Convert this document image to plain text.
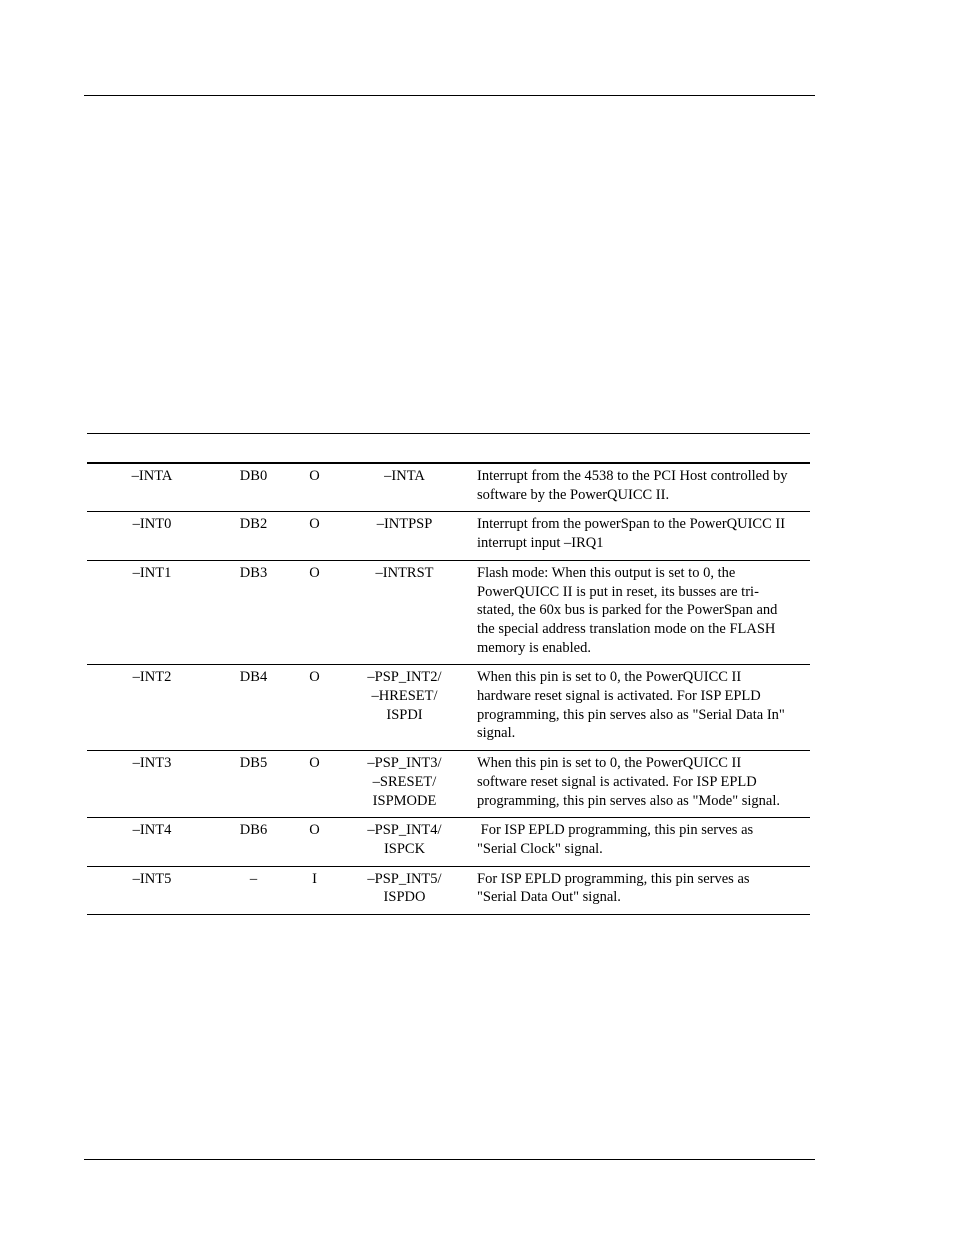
–INTA	DB0	O	–INTA	Interrupt from the 4538 to the PCI Host controlled by
software by the PowerQUICC II.

–INT0	DB2	O	–INTPSP	Interrupt from the powerSpan to the PowerQUICC II
interrupt input –IRQ1

–INT1	DB3	O	–INTRST	Flash mode: When this output is set to 0, the
PowerQUICC II is put in reset, its busses are tri-
stated, the 60x bus is parked for the PowerSpan and
the special address translation mode on the FLASH
memory is enabled.

–INT2	DB4	O	–PSP_INT2/
–HRESET/
ISPDI	When this pin is set to 0, the PowerQUICC II
hardware reset signal is activated. For ISP EPLD
programming, this pin serves also as "Serial Data In"
signal.

–INT3	DB5	O	–PSP_INT3/
–SRESET/
ISPMODE	When this pin is set to 0, the PowerQUICC II
software reset signal is activated. For ISP EPLD
programming, this pin serves also as "Mode" signal.

–INT4	DB6	O	–PSP_INT4/
ISPCK	For ISP EPLD programming, this pin serves as
"Serial Clock" signal.

–INT5	–	I	–PSP_INT5/
ISPDO	For ISP EPLD programming, this pin serves as
"Serial Data Out" signal.
